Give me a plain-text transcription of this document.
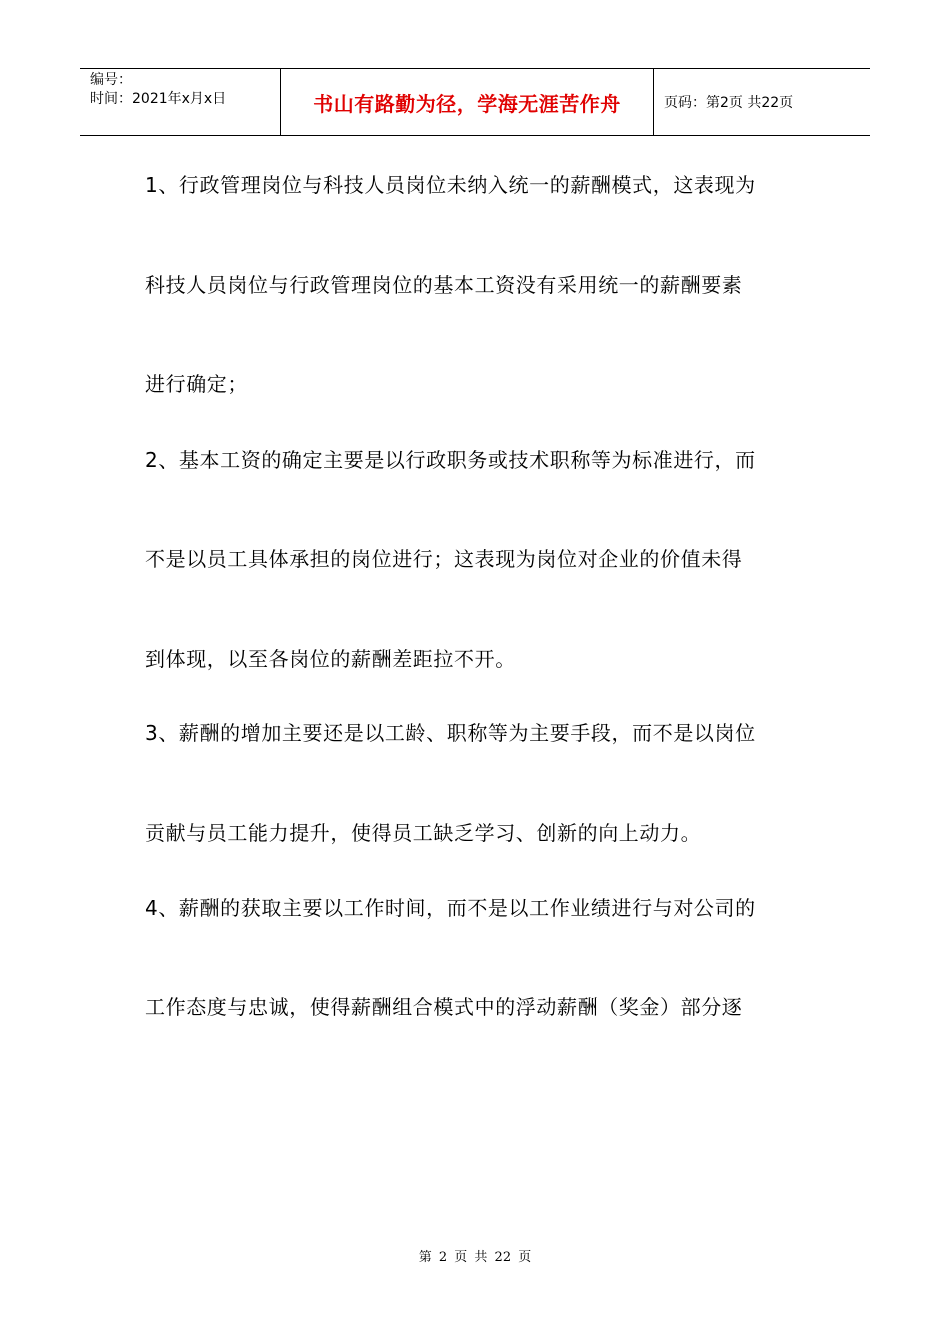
编号：
时间：2021年x月x日	书山有路勤为径，学海无涯苦作舟	页码：第2页 共22页
1、行政管理岗位与科技人员岗位未纳入统一的薪酬模式，这表现为
科技人员岗位与行政管理岗位的基本工资没有采用统一的薪酬要素
进行确定；
2、基本工资的确定主要是以行政职务或技术职称等为标准进行，而
不是以员工具体承担的岗位进行；这表现为岗位对企业的价值未得
到体现，以至各岗位的薪酬差距拉不开。
3、薪酬的增加主要还是以工龄、职称等为主要手段，而不是以岗位
贡献与员工能力提升，使得员工缺乏学习、创新的向上动力。
4、薪酬的获取主要以工作时间，而不是以工作业绩进行与对公司的
工作态度与忠诚，使得薪酬组合模式中的浮动薪酬（奖金）部分逐
第 2 页 共 22 页
